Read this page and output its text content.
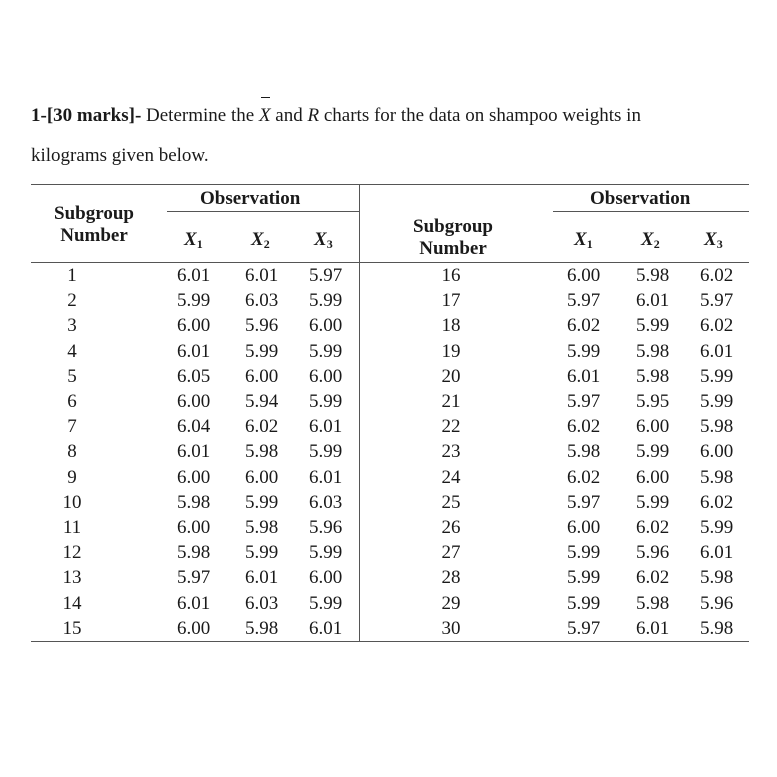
1-[30 marks]- Determine the X and R charts for the data on shampoo weights in
kilograms given below.
Subgroup
Number
Observation
$X_1$	$X_2$ $X_3$
Subgroup
Number
Observation
$X_1$	$X_2$ $X_3$
1	6.01 6.01 5.97
2	5.99 6.03 5.99
3	6.00 5.96 6.00
4	6.01 5.99 5.99
5	6.05 6.00 6.00
6	6.00 5.94 5.99
7	6.04 6.02 6.01
8	6.01 5.98 5.99
9	6.00 6.00 6.01
10	5.98 5.99 6.03
11	6.00 5.98 5.96
12	5.98 5.99 5.99
13	5.97 6.01 6.00
14	6.01 6.03 5.99
15	6.00 5.98 6.01
16	6.00 5.98 6.02
17	5.97 6.01 5.97
18	6.02 5.99 6.02
19	5.99 5.98 6.01
20	6.01 5.98 5.99
21	5.97 5.95 5.99
22	6.02 6.00 5.98
23	5.98 5.99 6.00
24	6.02 6.00 5.98
25	5.97 5.99 6.02
26	6.00 6.02 5.99
27	5.99 5.96 6.01
28	5.99 6.02 5.98
29	5.99 5.98 5.96
30	5.97 6.01 5.98
